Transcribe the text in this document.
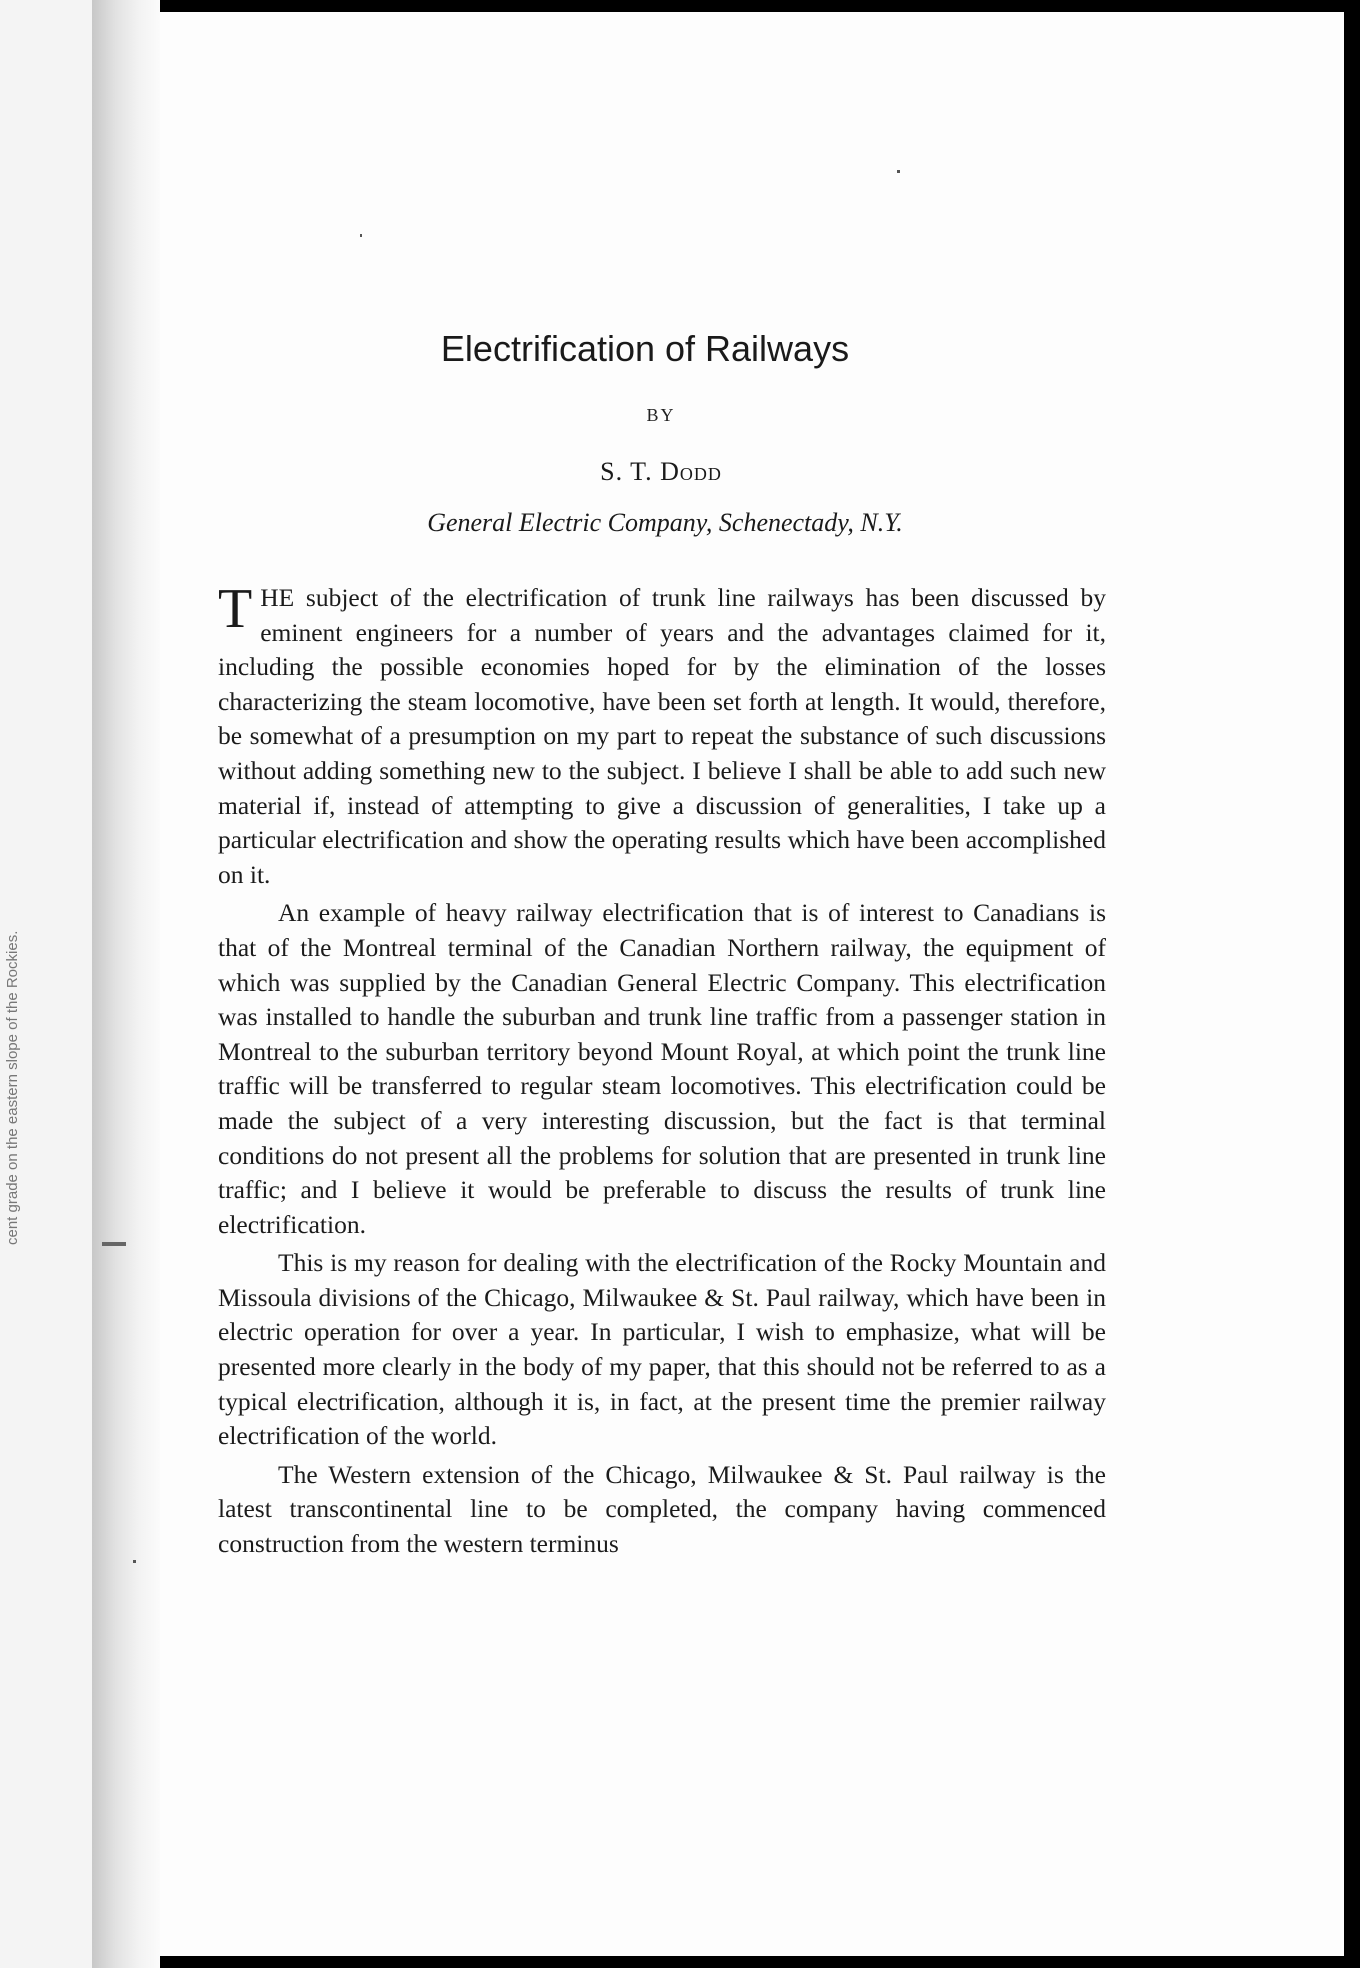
cent grade on the eastern slope of the Rockies.
Electrification of Railways
BY
S. T. Dodd
General Electric Company, Schenectady, N.Y.

THE subject of the electrification of trunk line railways has been discussed by eminent engineers for a number of years and the advantages claimed for it, including the possible economies hoped for by the elimination of the losses characterizing the steam locomotive, have been set forth at length. It would, therefore, be somewhat of a presumption on my part to repeat the substance of such discussions without adding something new to the subject. I believe I shall be able to add such new material if, instead of attempting to give a discussion of generalities, I take up a particular electrification and show the operating results which have been accomplished on it.

An example of heavy railway electrification that is of interest to Canadians is that of the Montreal terminal of the Canadian Northern railway, the equipment of which was supplied by the Canadian General Electric Company. This electrification was installed to handle the suburban and trunk line traffic from a passenger station in Montreal to the suburban territory beyond Mount Royal, at which point the trunk line traffic will be transferred to regular steam locomotives. This electrification could be made the subject of a very interesting discussion, but the fact is that terminal conditions do not present all the problems for solution that are presented in trunk line traffic; and I believe it would be preferable to discuss the results of trunk line electrification.

This is my reason for dealing with the electrification of the Rocky Mountain and Missoula divisions of the Chicago, Milwaukee & St. Paul railway, which have been in electric operation for over a year. In particular, I wish to emphasize, what will be presented more clearly in the body of my paper, that this should not be referred to as a typical electrification, although it is, in fact, at the present time the premier railway electrification of the world.

The Western extension of the Chicago, Milwaukee & St. Paul railway is the latest transcontinental line to be completed, the company having commenced construction from the western terminus
